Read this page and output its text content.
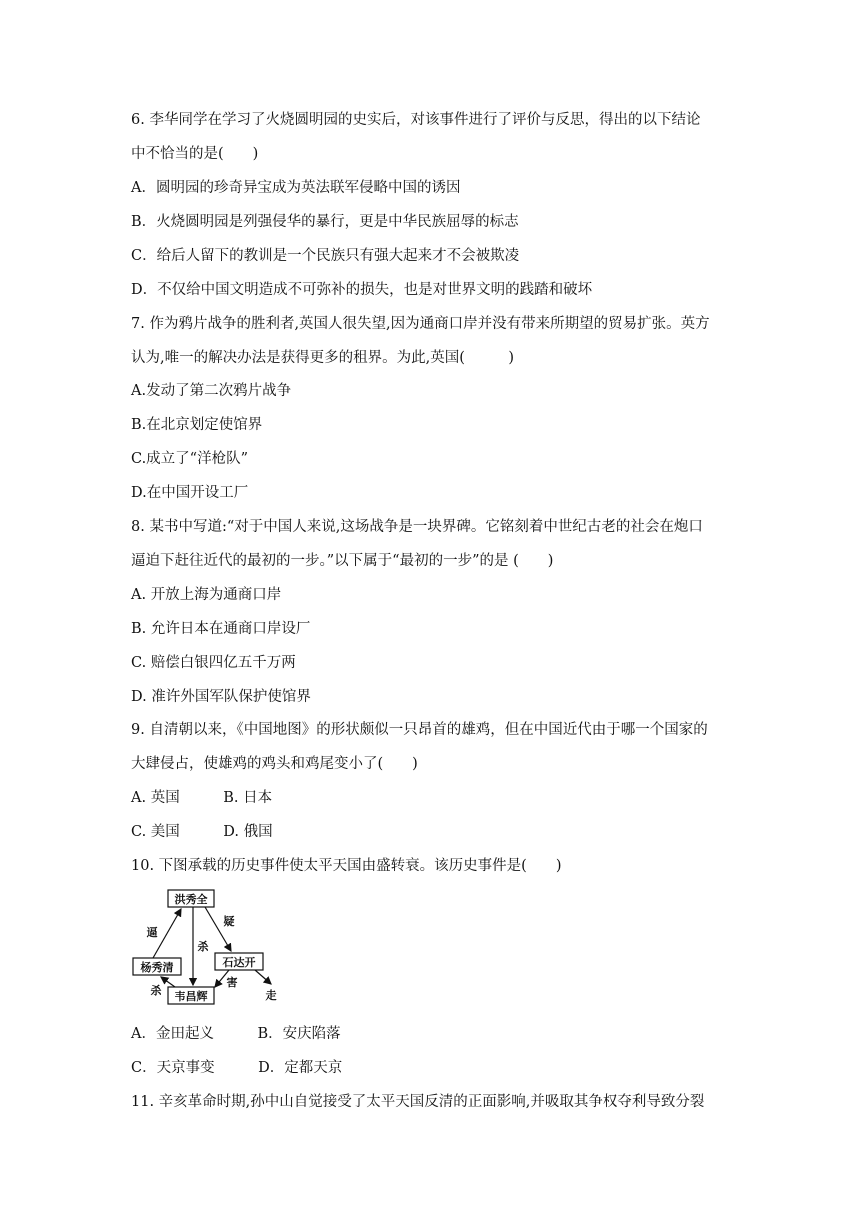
6. 李华同学在学习了火烧圆明园的史实后，对该事件进行了评价与反思，得出的以下结论
中不恰当的是(　　)
A．圆明园的珍奇异宝成为英法联军侵略中国的诱因
B．火烧圆明园是列强侵华的暴行，更是中华民族屈辱的标志
C．给后人留下的教训是一个民族只有强大起来才不会被欺凌
D．不仅给中国文明造成不可弥补的损失，也是对世界文明的践踏和破坏
7. 作为鸦片战争的胜利者,英国人很失望,因为通商口岸并没有带来所期望的贸易扩张。英方
认为,唯一的解决办法是获得更多的租界。为此,英国(　　　)
A.发动了第二次鸦片战争
B.在北京划定使馆界
C.成立了“洋枪队”
D.在中国开设工厂
8. 某书中写道:“对于中国人来说,这场战争是一块界碑。它铭刻着中世纪古老的社会在炮口
逼迫下赶往近代的最初的一步。”以下属于“最初的一步”的是 (　　)
A. 开放上海为通商口岸
B. 允许日本在通商口岸设厂
C. 赔偿白银四亿五千万两
D. 准许外国军队保护使馆界
9. 自清朝以来，《中国地图》的形状颇似一只昂首的雄鸡，但在中国近代由于哪一个国家的
大肆侵占，使雄鸡的鸡头和鸡尾变小了(　　)
A. 英国　　　B. 日本
C. 美国　　　D. 俄国
10. 下图承载的历史事件使太平天国由盛转衰。该历史事件是(　　)
洪秀全
杨秀清	石达开
韦昌辉
逼
杀
疑
杀
害
走
A．金田起义　　　B．安庆陷落
C．天京事变　　　D．定都天京
11. 辛亥革命时期,孙中山自觉接受了太平天国反清的正面影响,并吸取其争权夺利导致分裂
